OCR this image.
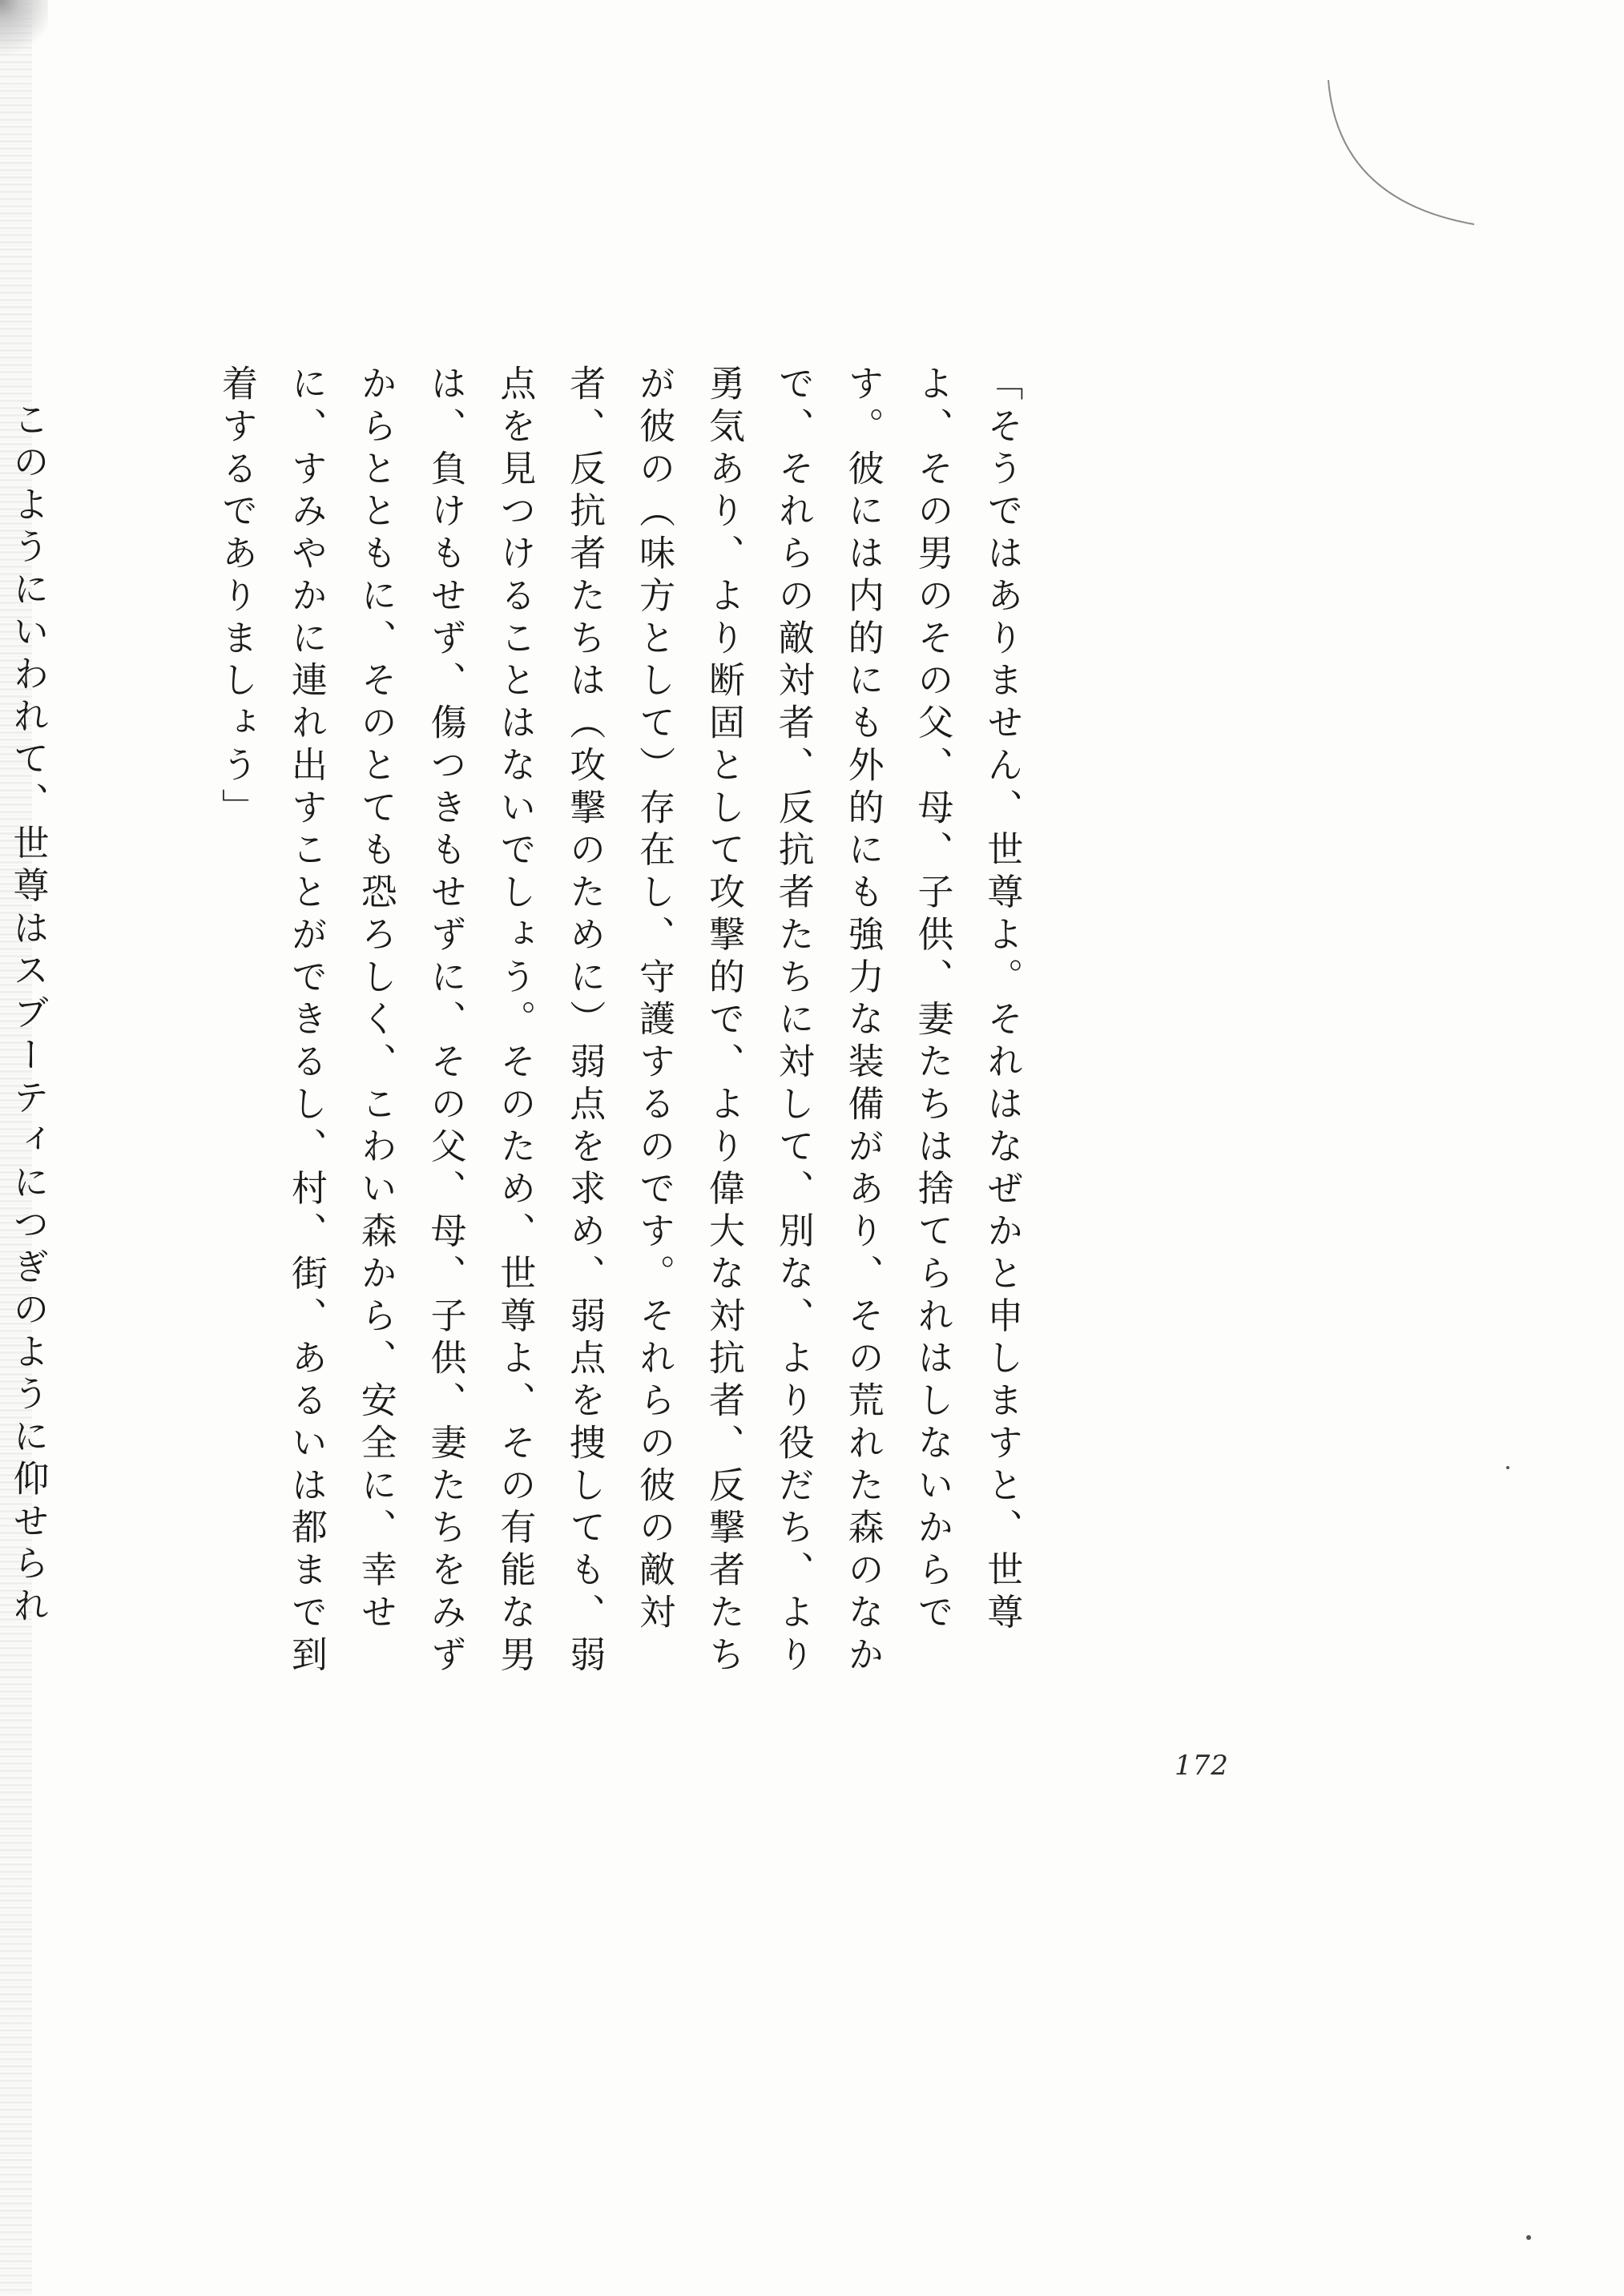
「そうではありません、世尊よ。それはなぜかと申しますと、世尊よ、その男のその父、母、子供、妻たちは捨てられはしないからです。彼には内的にも外的にも強力な装備があり、その荒れた森のなかで、それらの敵対者、反抗者たちに対して、別な、より役だち、より勇気あり、より断固として攻撃的で、より偉大な対抗者、反撃者たちが彼の（味方として）存在し、守護するのです。それらの彼の敵対者、反抗者たちは（攻撃のために）弱点を求め、弱点を捜しても、弱点を見つけることはないでしょう。そのため、世尊よ、その有能な男は、負けもせず、傷つきもせずに、その父、母、子供、妻たちをみずからとともに、そのとても恐ろしく、こわい森から、安全に、幸せに、すみやかに連れ出すことができるし、村、街、あるいは都まで到着するでありましょう」

このようにいわれて、世尊はスブーティにつぎのように仰せられ

172
